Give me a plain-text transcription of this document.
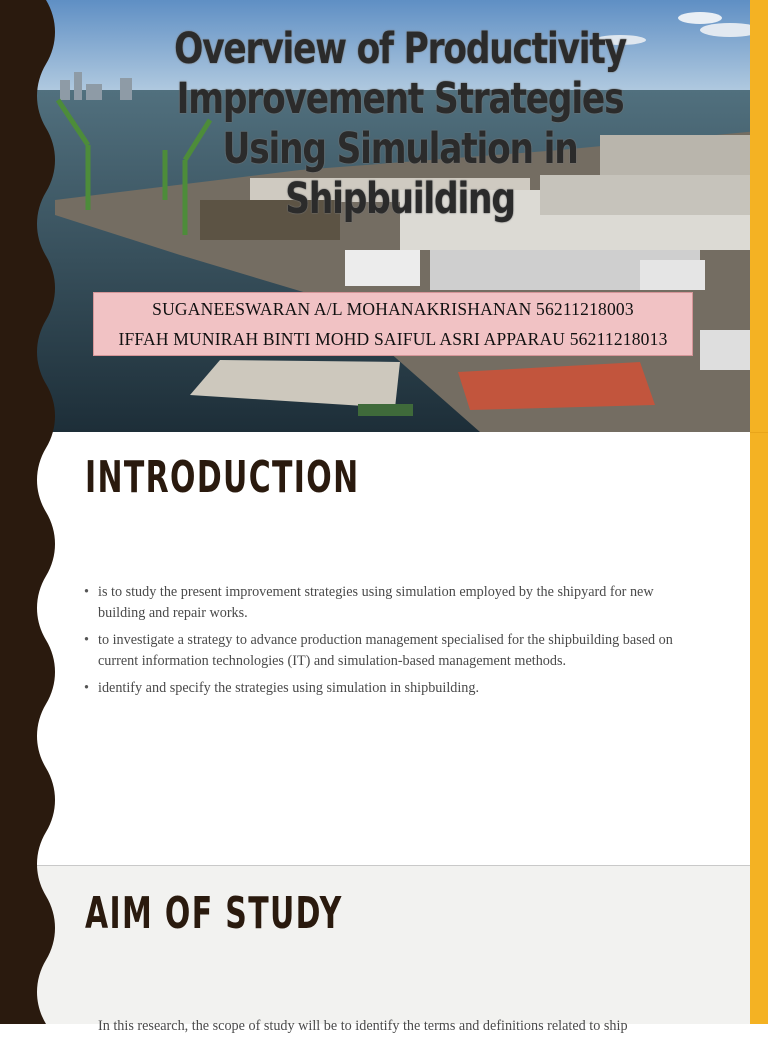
Overview of Productivity Improvement Strategies Using Simulation in Shipbuilding
SUGANEESWARAN A/L MOHANAKRISHANAN 56211218003
IFFAH MUNIRAH BINTI MOHD SAIFUL ASRI APPARAU 56211218013
INTRODUCTION
• is to study the present improvement strategies using simulation employed by the shipyard for new building and repair works.
• to investigate a strategy to advance production management specialised for the shipbuilding based on current information technologies (IT) and simulation-based management methods.
• identify and specify the strategies using simulation in shipbuilding.
AIM OF STUDY
In this research, the scope of study will be to identify the terms and definitions related to ship
